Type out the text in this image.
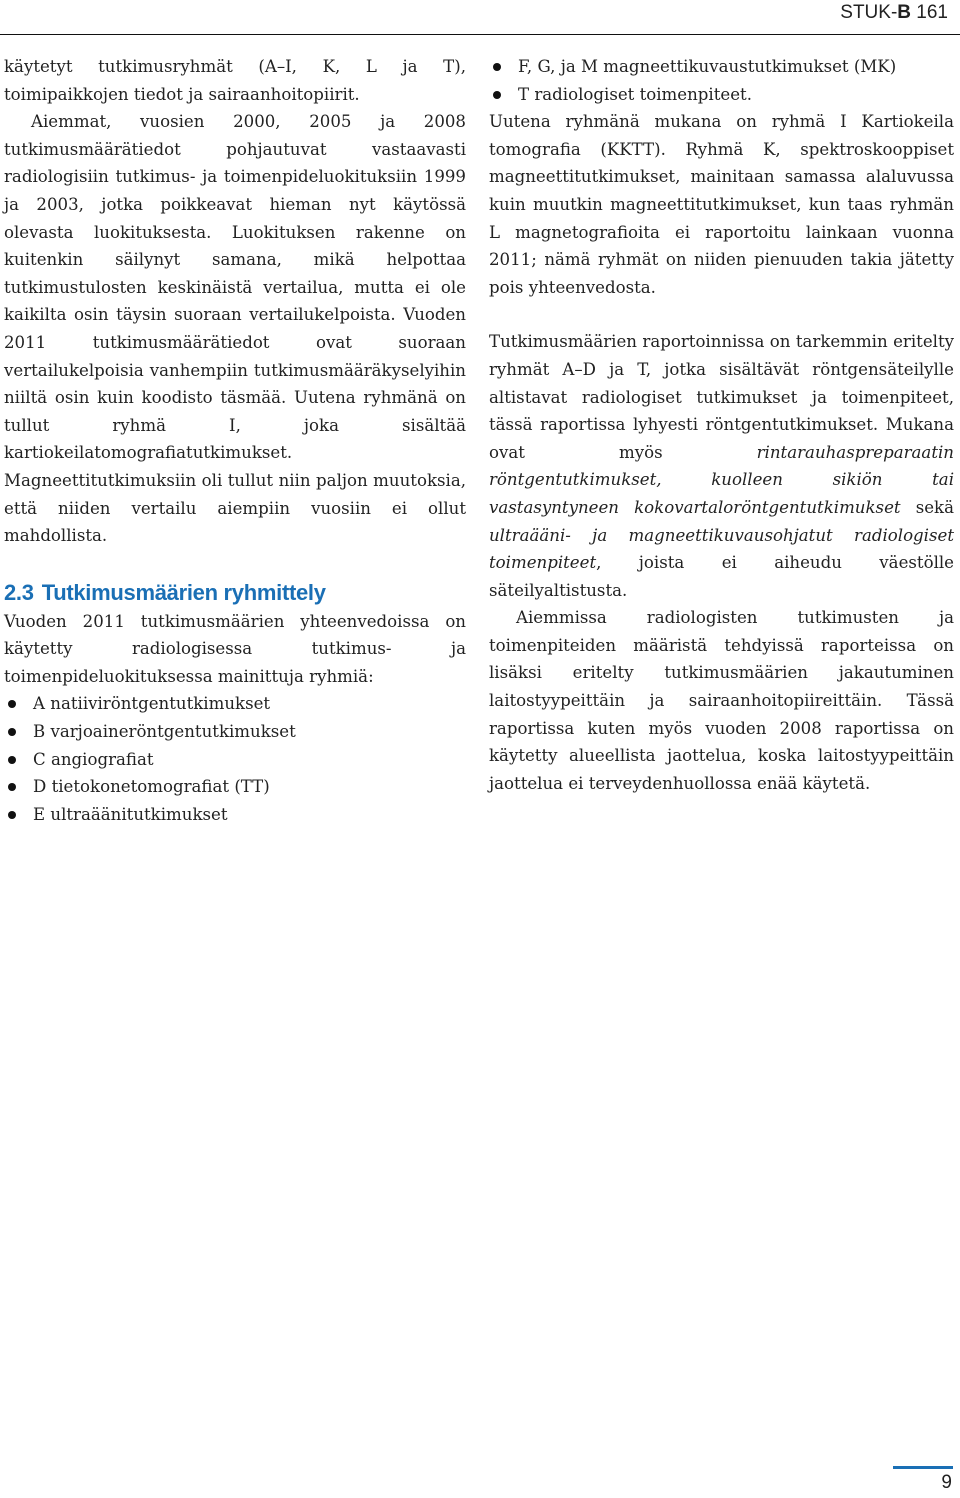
STUK-B 161

käytetyt tutkimusryhmät (A–I, K, L ja T), toimipaikkojen tiedot ja sairaanhoitopiirit.

Aiemmat, vuosien 2000, 2005 ja 2008 tutkimusmäärätiedot pohjautuvat vastaavasti radiologisiin tutkimus- ja toimenpideluokituksiin 1999 ja 2003, jotka poikkeavat hieman nyt käytössä olevasta luokituksesta. Luokituksen rakenne on kuitenkin säilynyt samana, mikä helpottaa tutkimustulosten keskinäistä vertailua, mutta ei ole kaikilta osin täysin suoraan vertailukelpoista. Vuoden 2011 tutkimusmäärätiedot ovat suoraan vertailukelpoisia vanhempiin tutkimusmääräkyselyihin niiltä osin kuin koodisto täsmää. Uutena ryhmänä on tullut ryhmä I, joka sisältää kartiokeilatomografiatutkimukset. Magneettitutkimuksiin oli tullut niin paljon muutoksia, että niiden vertailu aiempiin vuosiin ei ollut mahdollista.

2.3 Tutkimusmäärien ryhmittely

Vuoden 2011 tutkimusmäärien yhteenvedoissa on käytetty radiologisessa tutkimus- ja toimenpideluokituksessa mainittuja ryhmiä:

A natiiviröntgentutkimukset
B varjoaineröntgentutkimukset
C angiografiat
D tietokonetomografiat (TT)
E ultraäänitutkimukset
F, G, ja M magneettikuvaustutkimukset (MK)
T radiologiset toimenpiteet.

Uutena ryhmänä mukana on ryhmä I Kartiokeila tomografia (KKTT). Ryhmä K, spektroskooppiset magneettitutkimukset, mainitaan samassa alaluvussa kuin muutkin magneettitutkimukset, kun taas ryhmän L magnetografioita ei raportoitu lainkaan vuonna 2011; nämä ryhmät on niiden pienuuden takia jätetty pois yhteenvedosta.

Tutkimusmäärien raportoinnissa on tarkemmin eritelty ryhmät A–D ja T, jotka sisältävät röntgensäteilylle altistavat radiologiset tutkimukset ja toimenpiteet, tässä raportissa lyhyesti röntgentutkimukset. Mukana ovat myös rintarauhaspreparaatin röntgentutkimukset, kuolleen sikiön tai vastasyntyneen kokovartaloröntgentutkimukset sekä ultraääni- ja magneettikuvausohjatut radiologiset toimenpiteet, joista ei aiheudu väestölle säteilyaltistusta.

Aiemmissa radiologisten tutkimusten ja toimenpiteiden määristä tehdyissä raporteissa on lisäksi eritelty tutkimusmäärien jakautuminen laitostyypeittäin ja sairaanhoitopiireittäin. Tässä raportissa kuten myös vuoden 2008 raportissa on käytetty alueellista jaottelua, koska laitostyypeittäin jaottelua ei terveydenhuollossa enää käytetä.

9
